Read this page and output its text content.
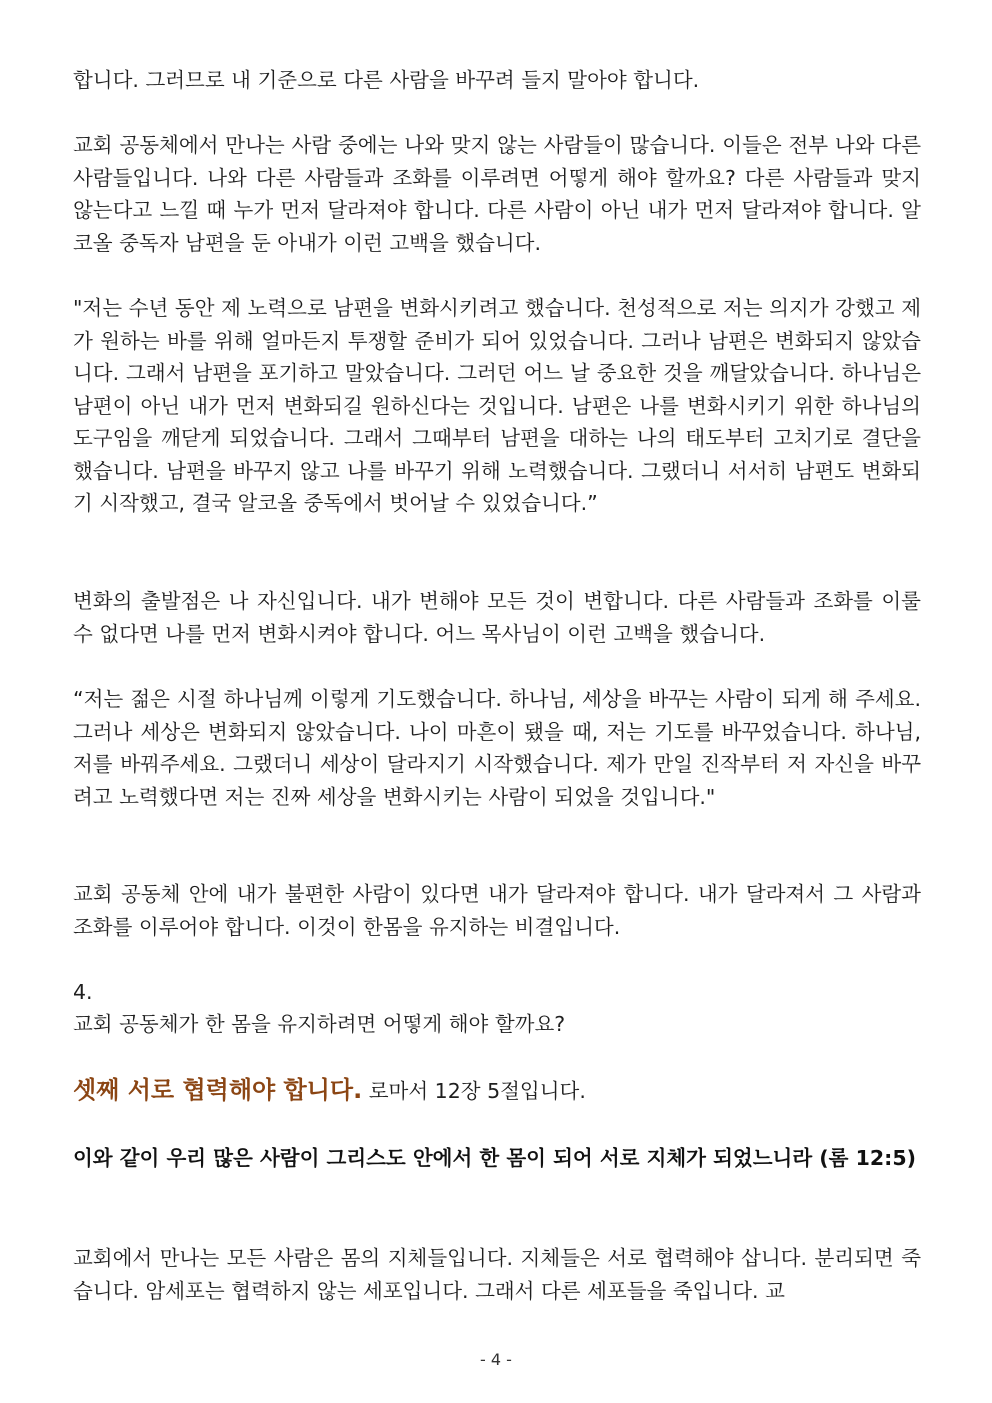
합니다. 그러므로 내 기준으로 다른 사람을 바꾸려 들지 말아야 합니다.

교회 공동체에서 만나는 사람 중에는 나와 맞지 않는 사람들이 많습니다. 이들은 전부 나와 다른 사람들입니다. 나와 다른 사람들과 조화를 이루려면 어떻게 해야 할까요? 다른 사람들과 맞지 않는다고 느낄 때 누가 먼저 달라져야 합니다. 다른 사람이 아닌 내가 먼저 달라져야 합니다. 알코올 중독자 남편을 둔 아내가 이런 고백을 했습니다.

"저는 수년 동안 제 노력으로 남편을 변화시키려고 했습니다. 천성적으로 저는 의지가 강했고 제가 원하는 바를 위해 얼마든지 투쟁할 준비가 되어 있었습니다. 그러나 남편은 변화되지 않았습니다. 그래서 남편을 포기하고 말았습니다. 그러던 어느 날 중요한 것을 깨달았습니다. 하나님은 남편이 아닌 내가 먼저 변화되길 원하신다는 것입니다. 남편은 나를 변화시키기 위한 하나님의 도구임을 깨닫게 되었습니다. 그래서 그때부터 남편을 대하는 나의 태도부터 고치기로 결단을 했습니다. 남편을 바꾸지 않고 나를 바꾸기 위해 노력했습니다. 그랬더니 서서히 남편도 변화되기 시작했고, 결국 알코올 중독에서 벗어날 수 있었습니다.”

변화의 출발점은 나 자신입니다. 내가 변해야 모든 것이 변합니다. 다른 사람들과 조화를 이룰 수 없다면 나를 먼저 변화시켜야 합니다. 어느 목사님이 이런 고백을 했습니다.

“저는 젊은 시절 하나님께 이렇게 기도했습니다. 하나님, 세상을 바꾸는 사람이 되게 해 주세요. 그러나 세상은 변화되지 않았습니다. 나이 마흔이 됐을 때, 저는 기도를 바꾸었습니다. 하나님, 저를 바꿔주세요. 그랬더니 세상이 달라지기 시작했습니다. 제가 만일 진작부터 저 자신을 바꾸려고 노력했다면 저는 진짜 세상을 변화시키는 사람이 되었을 것입니다."

교회 공동체 안에 내가 불편한 사람이 있다면 내가 달라져야 합니다. 내가 달라져서 그 사람과 조화를 이루어야 합니다. 이것이 한몸을 유지하는 비결입니다.

4.

교회 공동체가 한 몸을 유지하려면 어떻게 해야 할까요?

셋째 서로 협력해야 합니다. 로마서 12장 5절입니다.

이와 같이 우리 많은 사람이 그리스도 안에서 한 몸이 되어 서로 지체가 되었느니라 (롬 12:5)

교회에서 만나는 모든 사람은 몸의 지체들입니다. 지체들은 서로 협력해야 삽니다. 분리되면 죽습니다. 암세포는 협력하지 않는 세포입니다. 그래서 다른 세포들을 죽입니다. 교

- 4 -
